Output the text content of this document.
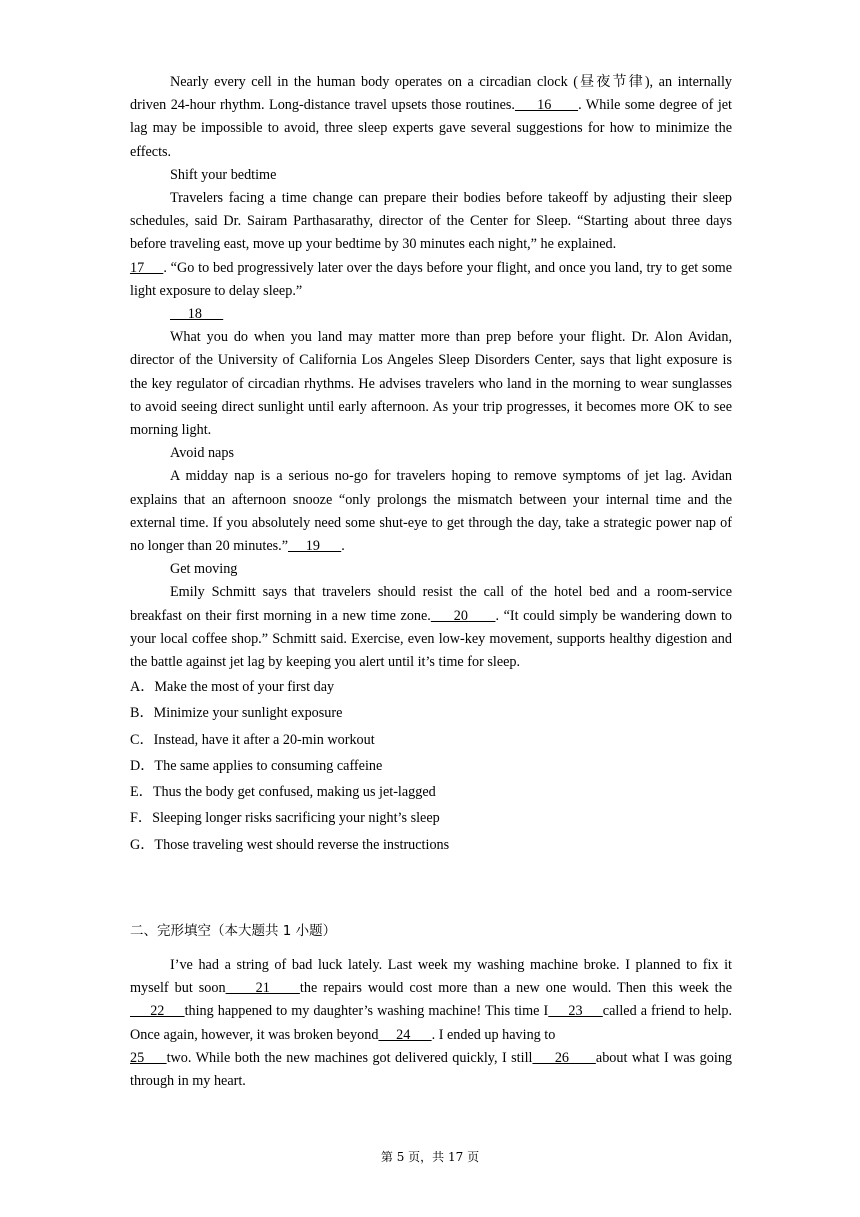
Nearly every cell in the human body operates on a circadian clock (昼夜节律), an internally driven 24-hour rhythm. Long-distance travel upsets those routines.     16      . While some degree of jet lag may be impossible to avoid, three sleep experts gave several suggestions for how to minimize the effects.

Shift your bedtime

Travelers facing a time change can prepare their bodies before takeoff by adjusting their sleep schedules, said Dr. Sairam Parthasarathy, director of the Center for Sleep. “Starting about three days before traveling east, move up your bedtime by 30 minutes each night,” he explained.
17     . “Go to bed progressively later over the days before your flight, and once you land, try to get some light exposure to delay sleep.”

18

What you do when you land may matter more than prep before your flight. Dr. Alon Avidan, director of the University of California Los Angeles Sleep Disorders Center, says that light exposure is the key regulator of circadian rhythms. He advises travelers who land in the morning to wear sunglasses to avoid seeing direct sunlight until early afternoon. As your trip progresses, it becomes more OK to see morning light.

Avoid naps

A midday nap is a serious no-go for travelers hoping to remove symptoms of jet lag. Avidan explains that an afternoon snooze “only prolongs the mismatch between your internal time and the external time. If you absolutely need some shut-eye to get through the day, take a strategic power nap of no longer than 20 minutes.”     19      .

Get moving

Emily Schmitt says that travelers should resist the call of the hotel bed and a room-service breakfast on their first morning in a new time zone.     20      . “It could simply be wandering down to your local coffee shop.” Schmitt said. Exercise, even low-key movement, supports healthy digestion and the battle against jet lag by keeping you alert until it’s time for sleep.

A．Make the most of your first day
B．Minimize your sunlight exposure
C．Instead, have it after a 20-min workout
D．The same applies to consuming caffeine
E．Thus the body get confused, making us jet-lagged
F．Sleeping longer risks sacrificing your night’s sleep
G．Those traveling west should reverse the instructions
二、完形填空（本大题共 1 小题）

I’ve had a string of bad luck lately. Last week my washing machine broke. I planned to fix it myself but soon     21     the repairs would cost more than a new one would. Then this week the     22     thing happened to my daughter’s washing machine! This time I     23     called a friend to help. Once again, however, it was broken beyond     24      . I ended up having to
25     two. While both the new machines got delivered quickly, I still     26      about what I was going through in my heart.

第 5 页，共 17 页
